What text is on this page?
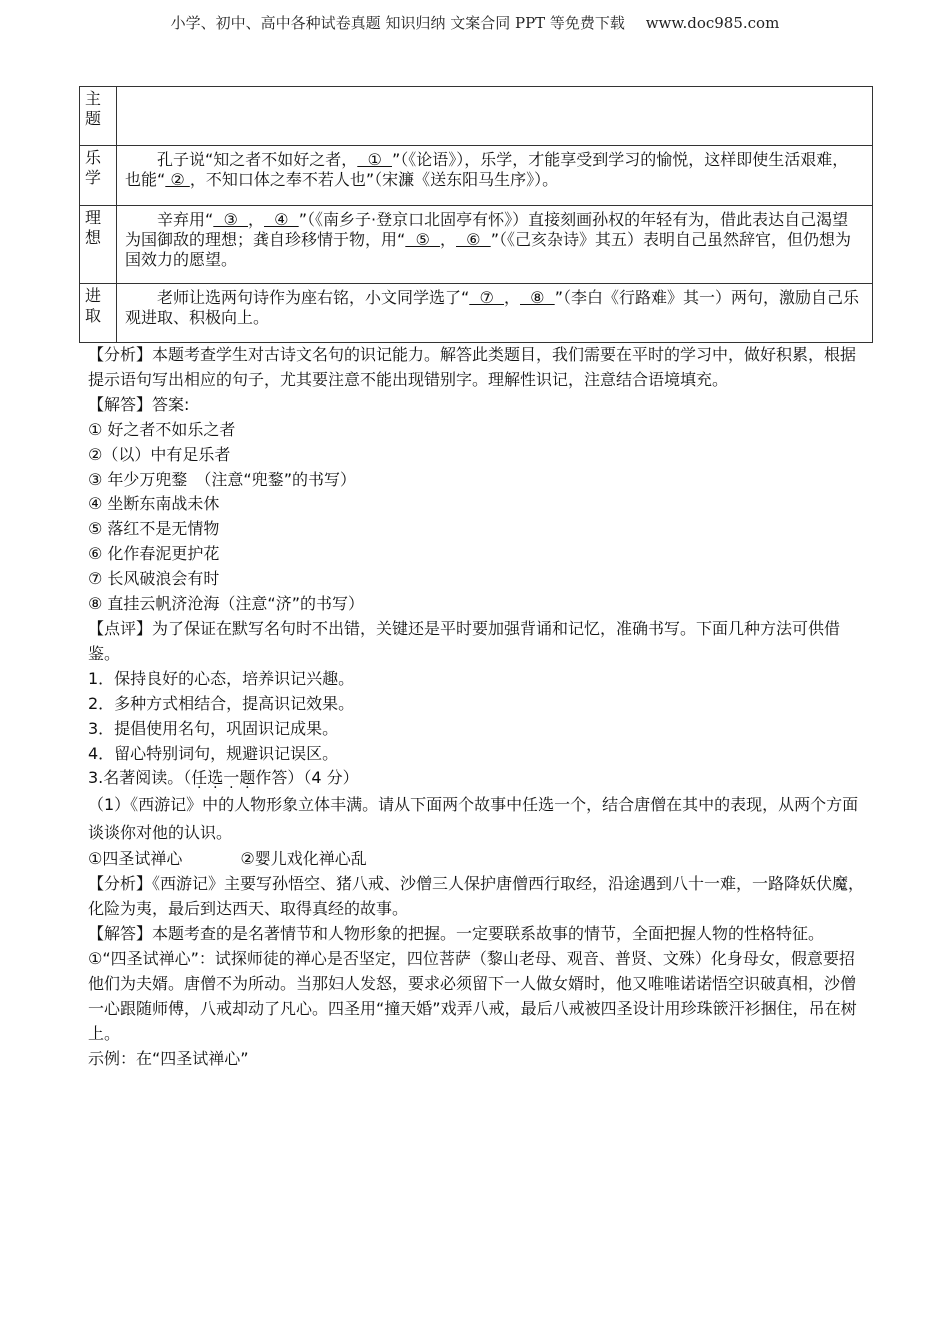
小学、初中、高中各种试卷真题 知识归纳 文案合同 PPT 等免费下载 www.doc985.com
主题	
乐学	孔子说“知之者不如好之者，  ①  ”（《论语》），乐学，才能享受到学习的愉悦，这样即使生活艰难，也能“ ② ，不知口体之奉不若人也”（宋濂《送东阳马生序》）。
理想	辛弃用“  ③  ，  ④  ”（《南乡子·登京口北固亭有怀》）直接刻画孙权的年轻有为，借此表达自己渴望为国御敌的理想；龚自珍移情于物，用“  ⑤  ，  ⑥  ”（《己亥杂诗》其五）表明自己虽然辞官，但仍想为国效力的愿望。
进取	老师让选两句诗作为座右铭，小文同学选了“  ⑦  ，  ⑧  ”（李白《行路难》其一）两句，激励自己乐观进取、积极向上。

【分析】本题考查学生对古诗文名句的识记能力。解答此类题目，我们需要在平时的学习中，做好积累，根据提示语句写出相应的句子，尤其要注意不能出现错别字。理解性识记，注意结合语境填充。

【解答】答案:

① 好之者不如乐之者

②（以）中有足乐者

③ 年少万兜鍪　（注意“兜鍪”的书写）

④ 坐断东南战未休

⑤ 落红不是无情物

⑥ 化作春泥更护花

⑦ 长风破浪会有时

⑧ 直挂云帆济沧海（注意“济”的书写）

【点评】为了保证在默写名句时不出错，关键还是平时要加强背诵和记忆，准确书写。下面几种方法可供借鉴。

1．保持良好的心态，培养识记兴趣。

2．多种方式相结合，提高识记效果。

3．提倡使用名句，巩固识记成果。

4．留心特别词句，规避识记误区。

3.名著阅读。（任选一题作答）（4 分）

（1）《西游记》中的人物形象立体丰满。请从下面两个故事中任选一个，结合唐僧在其中的表现，从两个方面谈谈你对他的认识。

①四圣试禅心	②婴儿戏化禅心乱

【分析】《西游记》主要写孙悟空、猪八戒、沙僧三人保护唐僧西行取经，沿途遇到八十一难，一路降妖伏魔，化险为夷，最后到达西天、取得真经的故事。

【解答】本题考查的是名著情节和人物形象的把握。一定要联系故事的情节，全面把握人物的性格特征。

①“四圣试禅心”：试探师徒的禅心是否坚定，四位菩萨（黎山老母、观音、普贤、文殊）化身母女，假意要招他们为夫婿。唐僧不为所动。当那妇人发怒，要求必须留下一人做女婿时，他又唯唯诺诺悟空识破真相，沙僧一心跟随师傅，八戒却动了凡心。四圣用“撞天婚”戏弄八戒，最后八戒被四圣设计用珍珠篏汗衫捆住，吊在树上。

示例：在“四圣试禅心”
